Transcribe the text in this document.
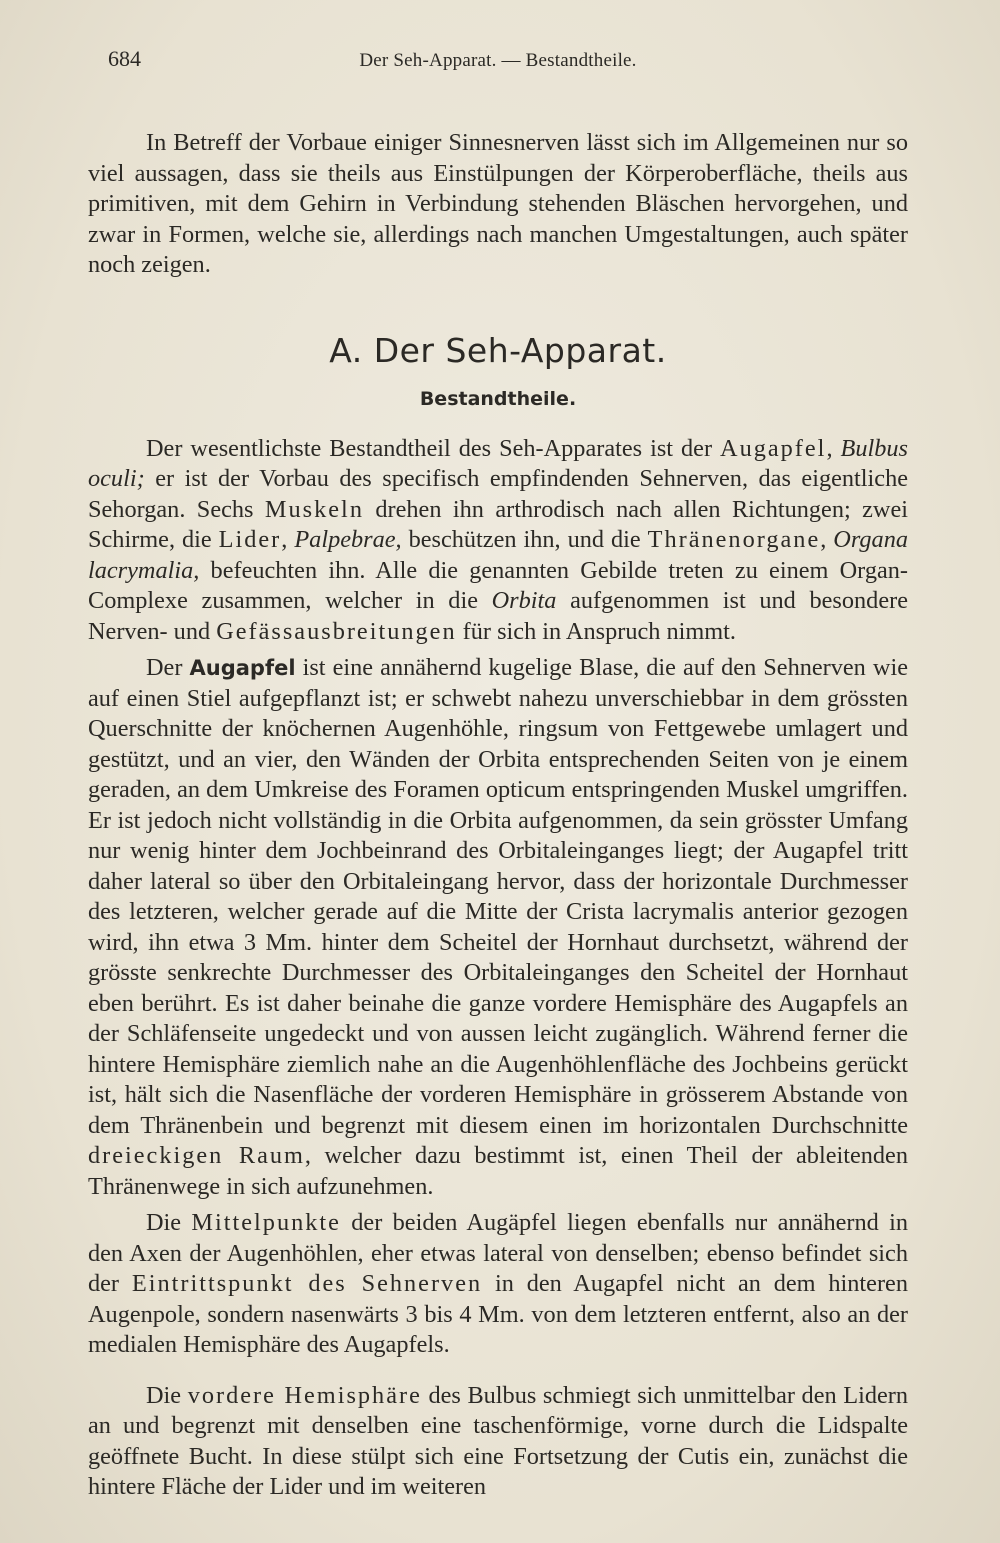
684	Der Seh-Apparat. — Bestandtheile.

In Betreff der Vorbaue einiger Sinnesnerven lässt sich im Allgemeinen nur so viel aussagen, dass sie theils aus Einstülpungen der Körperoberfläche, theils aus primitiven, mit dem Gehirn in Verbindung stehenden Bläschen hervorgehen, und zwar in Formen, welche sie, allerdings nach manchen Umgestaltungen, auch später noch zeigen.

A. Der Seh-Apparat.
Bestandtheile.

Der wesentlichste Bestandtheil des Seh-Apparates ist der Augapfel, Bulbus oculi; er ist der Vorbau des specifisch empfindenden Sehnerven, das eigentliche Sehorgan. Sechs Muskeln drehen ihn arthrodisch nach allen Richtungen; zwei Schirme, die Lider, Palpebrae, beschützen ihn, und die Thränenorgane, Organa lacrymalia, befeuchten ihn. Alle die genannten Gebilde treten zu einem Organ-Complexe zusammen, welcher in die Orbita aufgenommen ist und besondere Nerven- und Gefässausbreitungen für sich in Anspruch nimmt.

Der Augapfel ist eine annähernd kugelige Blase, die auf den Sehnerven wie auf einen Stiel aufgepflanzt ist; er schwebt nahezu unverschiebbar in dem grössten Querschnitte der knöchernen Augenhöhle, ringsum von Fettgewebe umlagert und gestützt, und an vier, den Wänden der Orbita entsprechenden Seiten von je einem geraden, an dem Umkreise des Foramen opticum entspringenden Muskel umgriffen. Er ist jedoch nicht vollständig in die Orbita aufgenommen, da sein grösster Umfang nur wenig hinter dem Jochbeinrand des Orbitaleinganges liegt; der Augapfel tritt daher lateral so über den Orbitaleingang hervor, dass der horizontale Durchmesser des letzteren, welcher gerade auf die Mitte der Crista lacrymalis anterior gezogen wird, ihn etwa 3 Mm. hinter dem Scheitel der Hornhaut durchsetzt, während der grösste senkrechte Durchmesser des Orbitaleinganges den Scheitel der Hornhaut eben berührt. Es ist daher beinahe die ganze vordere Hemisphäre des Augapfels an der Schläfenseite ungedeckt und von aussen leicht zugänglich. Während ferner die hintere Hemisphäre ziemlich nahe an die Augenhöhlenfläche des Jochbeins gerückt ist, hält sich die Nasenfläche der vorderen Hemisphäre in grösserem Abstande von dem Thränenbein und begrenzt mit diesem einen im horizontalen Durchschnitte dreieckigen Raum, welcher dazu bestimmt ist, einen Theil der ableitenden Thränenwege in sich aufzunehmen.

Die Mittelpunkte der beiden Augäpfel liegen ebenfalls nur annähernd in den Axen der Augenhöhlen, eher etwas lateral von denselben; ebenso befindet sich der Eintrittspunkt des Sehnerven in den Augapfel nicht an dem hinteren Augenpole, sondern nasenwärts 3 bis 4 Mm. von dem letzteren entfernt, also an der medialen Hemisphäre des Augapfels.

Die vordere Hemisphäre des Bulbus schmiegt sich unmittelbar den Lidern an und begrenzt mit denselben eine taschenförmige, vorne durch die Lidspalte geöffnete Bucht. In diese stülpt sich eine Fortsetzung der Cutis ein, zunächst die hintere Fläche der Lider und im weiteren
